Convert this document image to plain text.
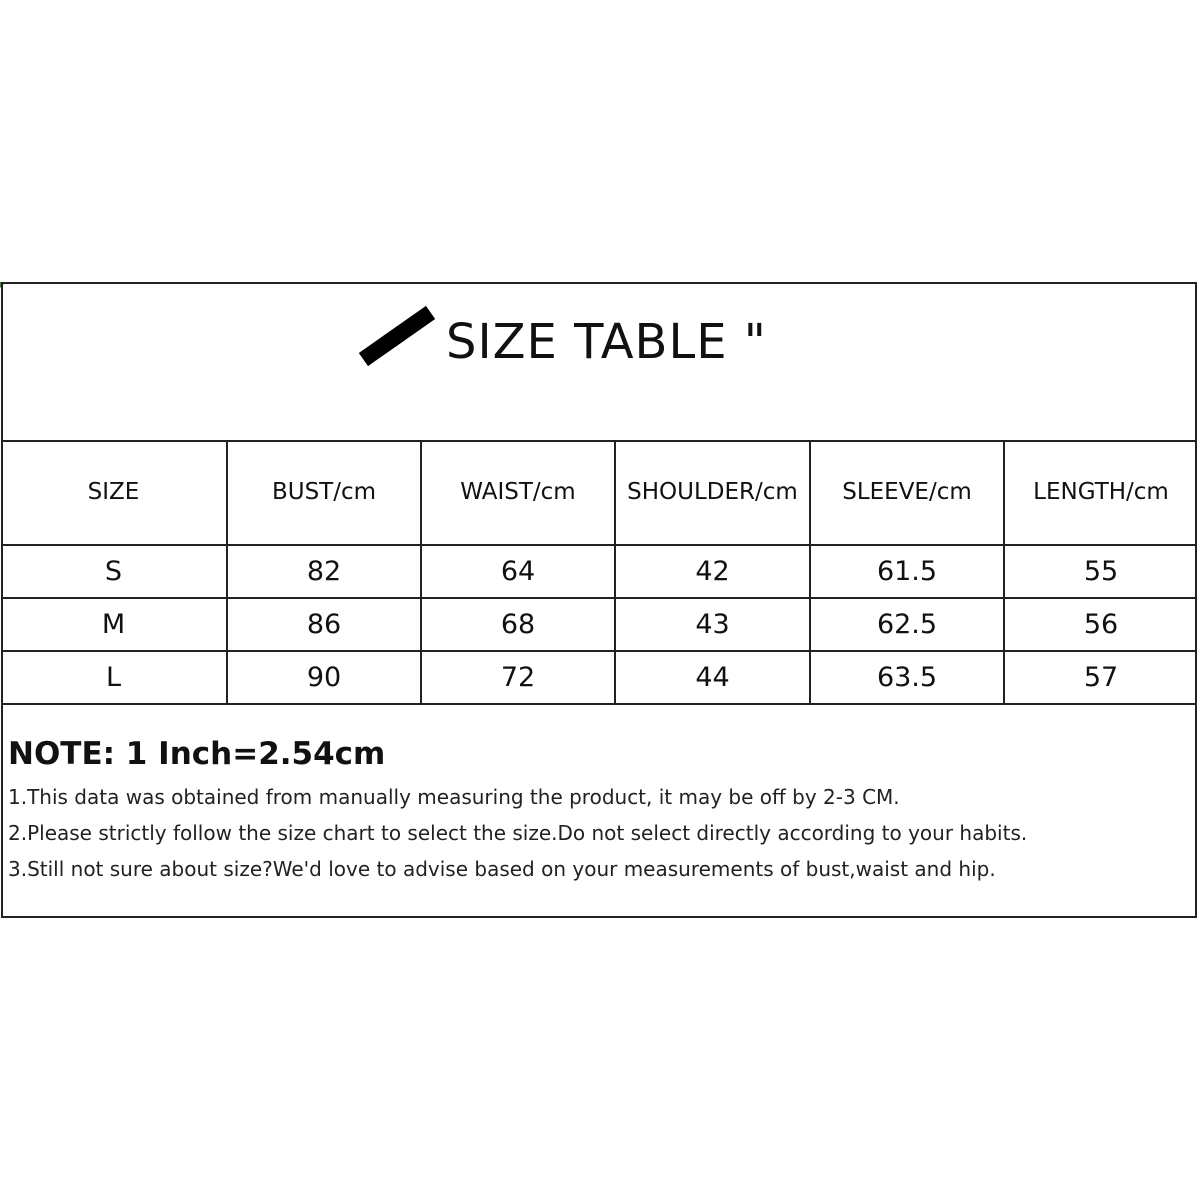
SIZE TABLE "
SIZE	BUST/cm	WAIST/cm	SHOULDER/cm	SLEEVE/cm	LENGTH/cm
S	82	64	42	61.5	55
M	86	68	43	62.5	56
L	90	72	44	63.5	57
NOTE: 1 Inch=2.54cm
1.This data was obtained from manually measuring the product, it may be off by 2-3 CM.
2.Please strictly follow the size chart to select the size.Do not select directly according to your habits.
3.Still not sure about size?We'd love to advise based on your measurements of bust,waist and hip.
